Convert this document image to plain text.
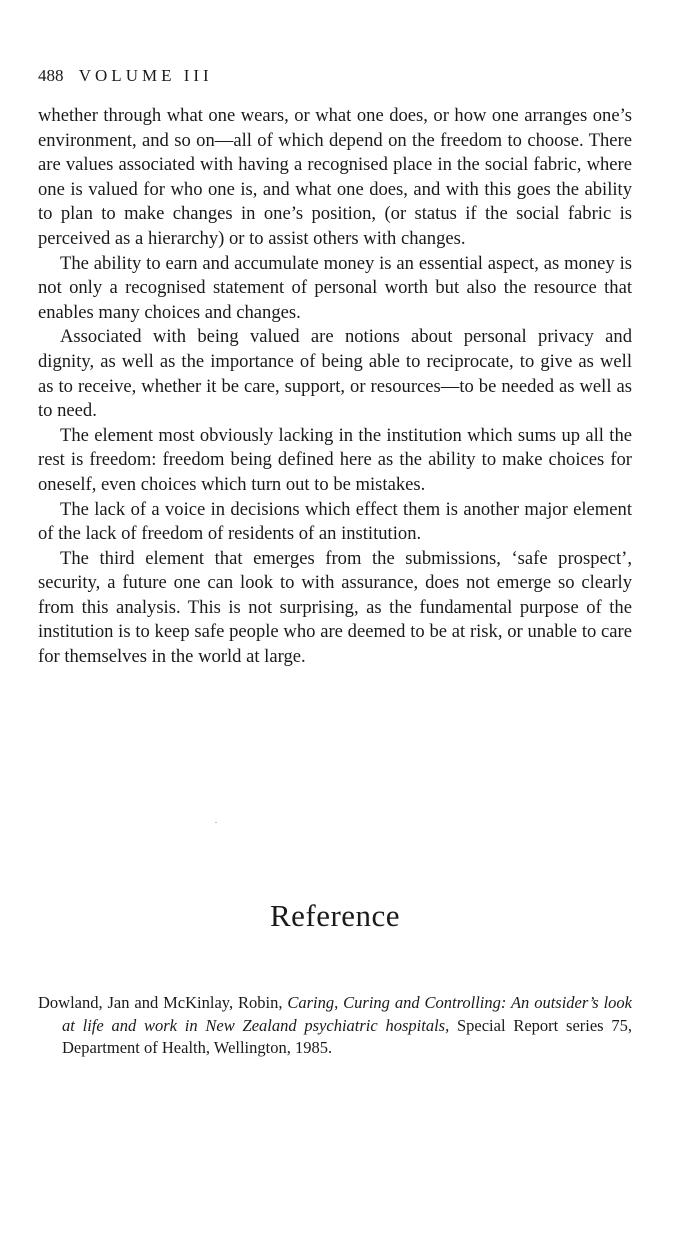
488 VOLUME III

whether through what one wears, or what one does, or how one arranges one’s environment, and so on—all of which depend on the freedom to choose. There are values associated with having a recognised place in the social fabric, where one is valued for who one is, and what one does, and with this goes the ability to plan to make changes in one’s position, (or status if the social fabric is perceived as a hierarchy) or to assist others with changes.

The ability to earn and accumulate money is an essential aspect, as money is not only a recognised statement of personal worth but also the resource that enables many choices and changes.

Associated with being valued are notions about personal privacy and dignity, as well as the importance of being able to reciprocate, to give as well as to receive, whether it be care, support, or resources—to be needed as well as to need.

The element most obviously lacking in the institution which sums up all the rest is freedom: freedom being defined here as the ability to make choices for oneself, even choices which turn out to be mistakes.

The lack of a voice in decisions which effect them is another major element of the lack of freedom of residents of an institution.

The third element that emerges from the submissions, ‘safe prospect’, security, a future one can look to with assurance, does not emerge so clearly from this analysis. This is not surprising, as the fundamental purpose of the institution is to keep safe people who are deemed to be at risk, or unable to care for themselves in the world at large.

Reference
Dowland, Jan and McKinlay, Robin, Caring, Curing and Controlling: An outsider’s look at life and work in New Zealand psychiatric hospitals, Special Report series 75, Department of Health, Wellington, 1985.
